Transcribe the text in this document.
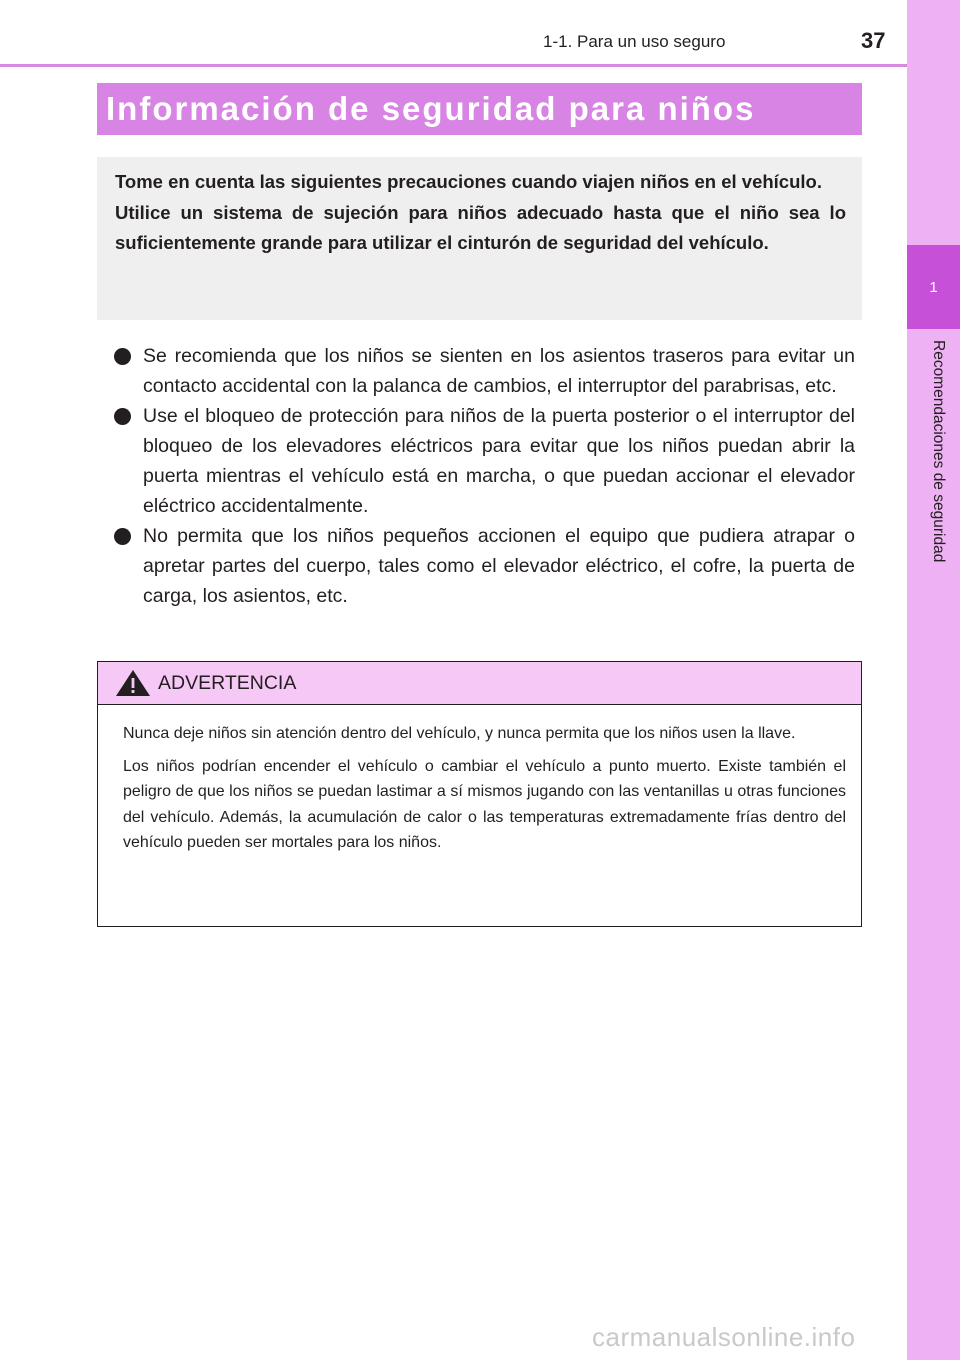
1
Recomendaciones de seguridad
1-1. Para un uso seguro	37
Información de seguridad para niños

Tome en cuenta las siguientes precauciones cuando viajen niños en el vehículo.

Utilice un sistema de sujeción para niños adecuado hasta que el niño sea lo suficientemente grande para utilizar el cinturón de seguridad del vehículo.

Se recomienda que los niños se sienten en los asientos traseros para evitar un contacto accidental con la palanca de cambios, el interruptor del parabrisas, etc.

Use el bloqueo de protección para niños de la puerta posterior o el interruptor del bloqueo de los elevadores eléctricos para evitar que los niños puedan abrir la puerta mientras el vehículo está en marcha, o que puedan accionar el elevador eléctrico accidentalmente.

No permita que los niños pequeños accionen el equipo que pudiera atrapar o apretar partes del cuerpo, tales como el elevador eléctrico, el cofre, la puerta de carga, los asientos, etc.

ADVERTENCIA

Nunca deje niños sin atención dentro del vehículo, y nunca permita que los niños usen la llave.

Los niños podrían encender el vehículo o cambiar el vehículo a punto muerto. Existe también el peligro de que los niños se puedan lastimar a sí mismos jugando con las ventanillas u otras funciones del vehículo. Además, la acumulación de calor o las temperaturas extremadamente frías dentro del vehículo pueden ser mortales para los niños.

carmanualsonline.info
